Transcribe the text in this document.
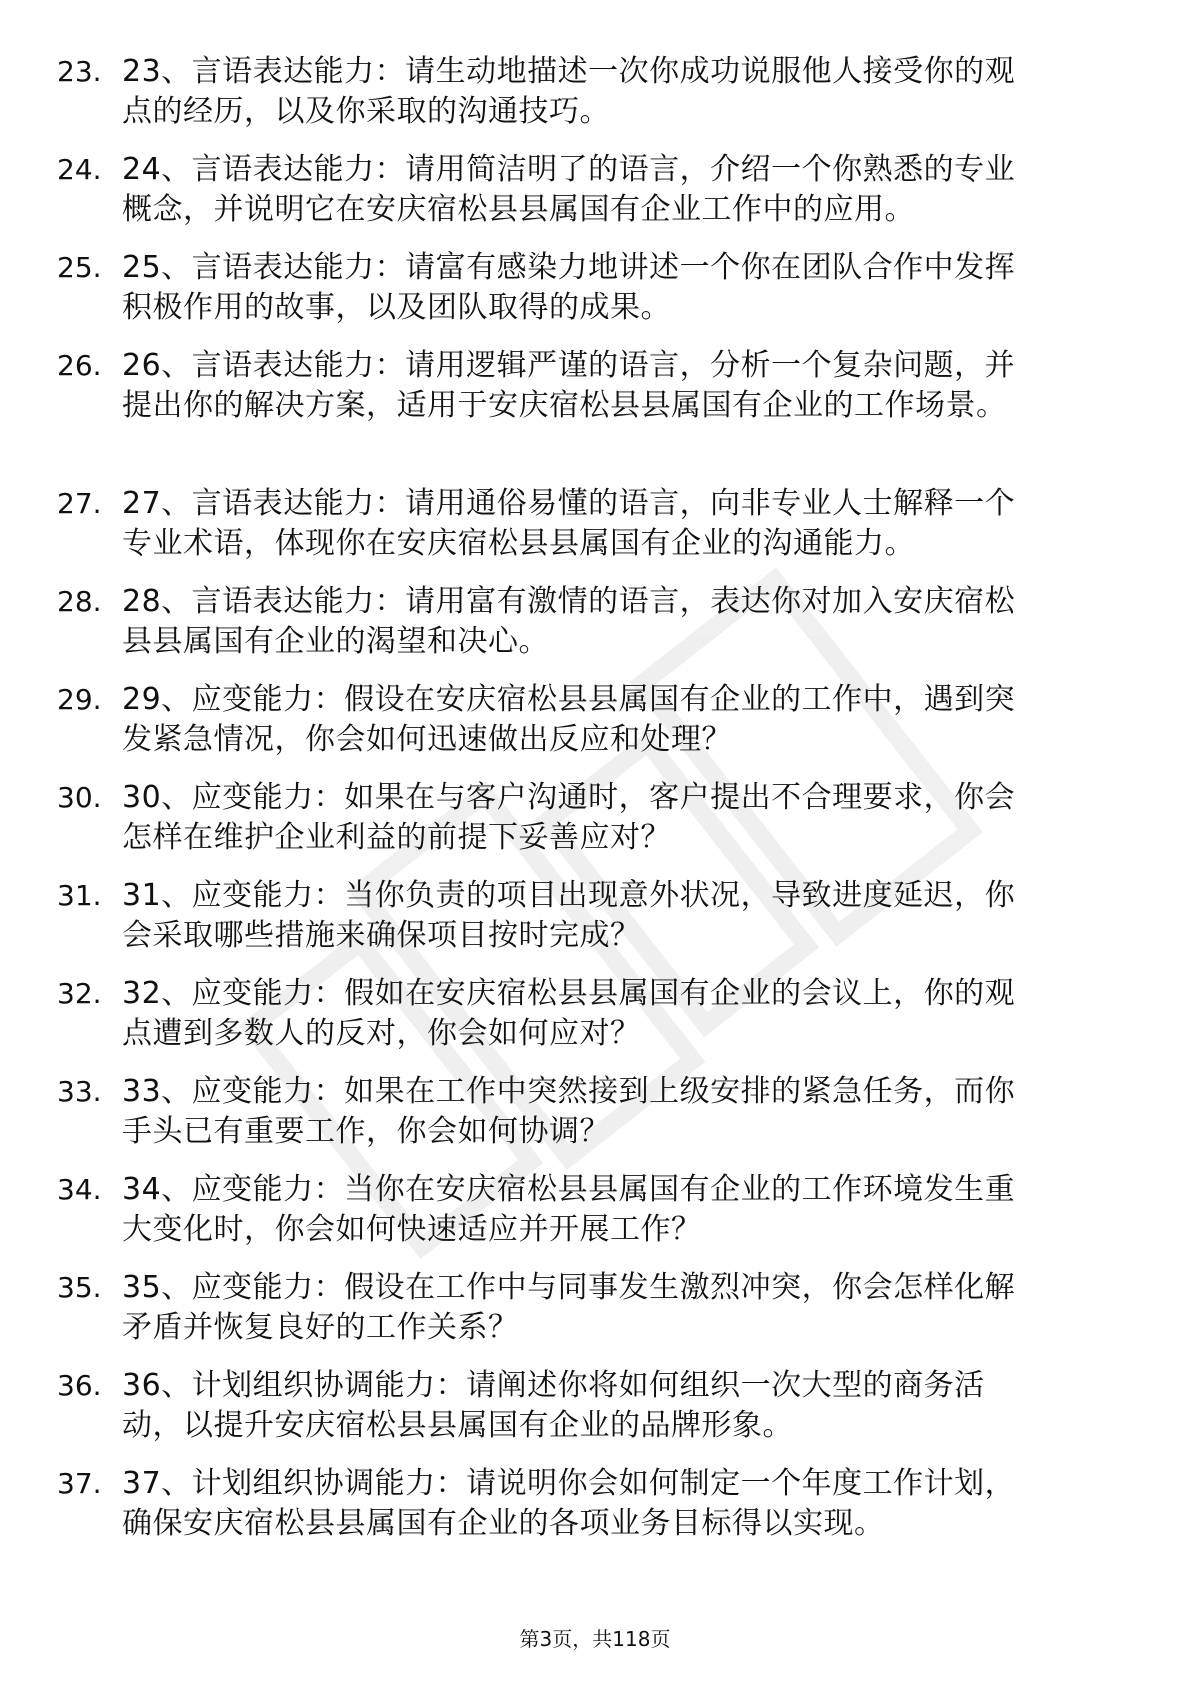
23. 23、言语表达能力：请生动地描述一次你成功说服他人接受你的观点的经历，以及你采取的沟通技巧。
24. 24、言语表达能力：请用简洁明了的语言，介绍一个你熟悉的专业概念，并说明它在安庆宿松县县属国有企业工作中的应用。
25. 25、言语表达能力：请富有感染力地讲述一个你在团队合作中发挥积极作用的故事，以及团队取得的成果。
26. 26、言语表达能力：请用逻辑严谨的语言，分析一个复杂问题，并提出你的解决方案，适用于安庆宿松县县属国有企业的工作场景。
27. 27、言语表达能力：请用通俗易懂的语言，向非专业人士解释一个专业术语，体现你在安庆宿松县县属国有企业的沟通能力。
28. 28、言语表达能力：请用富有激情的语言，表达你对加入安庆宿松县县属国有企业的渴望和决心。
29. 29、应变能力：假设在安庆宿松县县属国有企业的工作中，遇到突发紧急情况，你会如何迅速做出反应和处理？
30. 30、应变能力：如果在与客户沟通时，客户提出不合理要求，你会怎样在维护企业利益的前提下妥善应对？
31. 31、应变能力：当你负责的项目出现意外状况，导致进度延迟，你会采取哪些措施来确保项目按时完成？
32. 32、应变能力：假如在安庆宿松县县属国有企业的会议上，你的观点遭到多数人的反对，你会如何应对？
33. 33、应变能力：如果在工作中突然接到上级安排的紧急任务，而你手头已有重要工作，你会如何协调？
34. 34、应变能力：当你在安庆宿松县县属国有企业的工作环境发生重大变化时，你会如何快速适应并开展工作？
35. 35、应变能力：假设在工作中与同事发生激烈冲突，你会怎样化解矛盾并恢复良好的工作关系？
36. 36、计划组织协调能力：请阐述你将如何组织一次大型的商务活动，以提升安庆宿松县县属国有企业的品牌形象。
37. 37、计划组织协调能力：请说明你会如何制定一个年度工作计划，确保安庆宿松县县属国有企业的各项业务目标得以实现。
第3页，共118页
